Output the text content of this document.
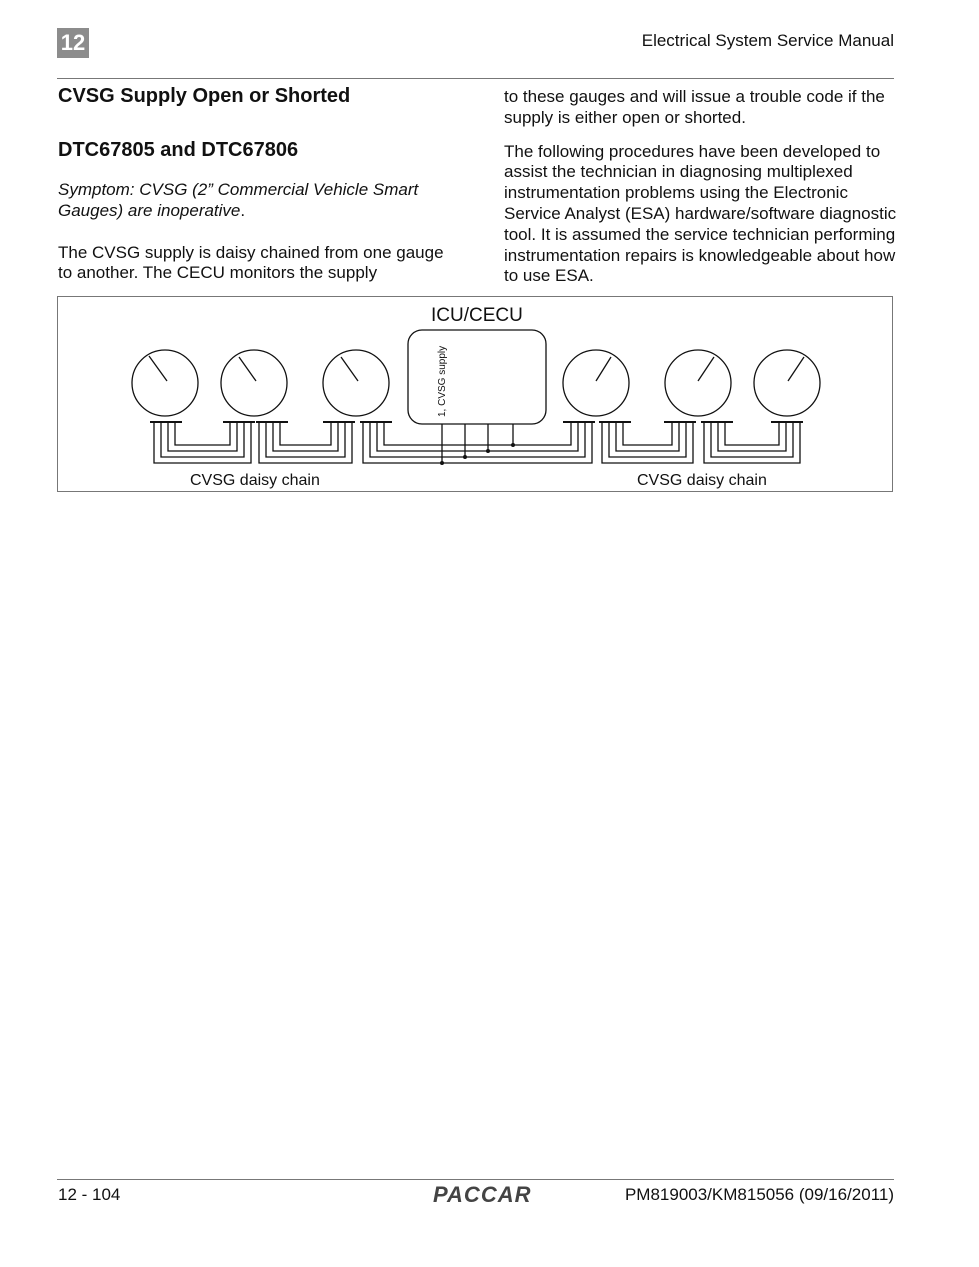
12	Electrical System Service Manual
CVSG Supply Open or Shorted
DTC67805 and DTC67806

Symptom: CVSG (2” Commercial Vehicle Smart Gauges) are inoperative.

The CVSG supply is daisy chained from one gauge to another. The CECU monitors the supply

to these gauges and will issue a trouble code if the supply is either open or shorted.

The following procedures have been developed to assist the technician in diagnosing multiplexed instrumentation problems using the Electronic Service Analyst (ESA) hardware/software diagnostic tool. It is assumed the service technician performing instrumentation repairs is knowledgeable about how to use ESA.

ICU/CECU
1, CVSG supply
CVSG daisy chain	CVSG daisy chain
12 - 104	PACCAR	PM819003/KM815056 (09/16/2011)
